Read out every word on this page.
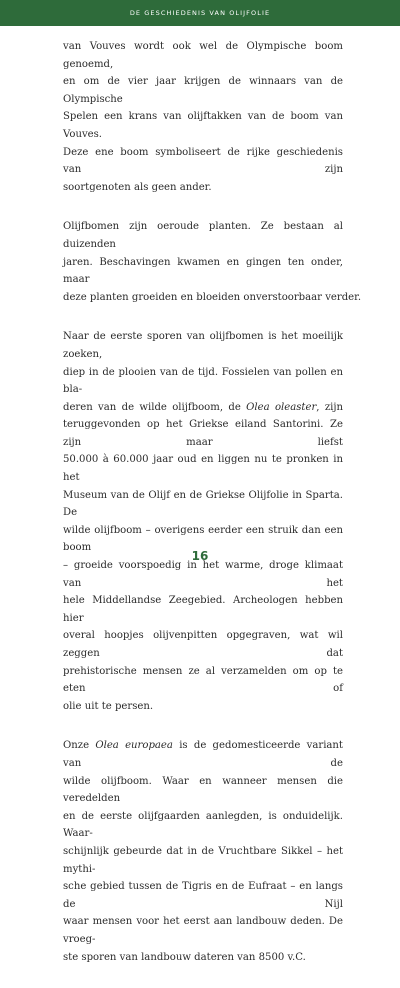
DE GESCHIEDENIS VAN OLIJFOLIE

van Vouves wordt ook wel de Olympische boom genoemd,
en om de vier jaar krijgen de winnaars van de Olympische
Spelen een krans van olijftakken van de boom van Vouves.
Deze ene boom symboliseert de rijke geschiedenis van zijn
soortgenoten als geen ander.

Olijfbomen zijn oeroude planten. Ze bestaan al duizenden
jaren. Beschavingen kwamen en gingen ten onder, maar
deze planten groeiden en bloeiden onverstoorbaar verder.

Naar de eerste sporen van olijfbomen is het moeilijk zoeken,
diep in de plooien van de tijd. Fossielen van pollen en bla-
deren van de wilde olijfboom, de Olea oleaster, zijn teruggevonden op het Griekse eiland Santorini. Ze zijn maar liefst
50.000 à 60.000 jaar oud en liggen nu te pronken in het
Museum van de Olijf en de Griekse Olijfolie in Sparta. De
wilde olijfboom – overigens eerder een struik dan een boom
– groeide voorspoedig in het warme, droge klimaat van het
hele Middellandse Zeegebied. Archeologen hebben hier
overal hoopjes olijvenpitten opgegraven, wat wil zeggen dat
prehistorische mensen ze al verzamelden om op te eten of
olie uit te persen.

Onze Olea europaea is de gedomesticeerde variant van de
wilde olijfboom. Waar en wanneer mensen die veredelden
en de eerste olijfgaarden aanlegden, is onduidelijk. Waar-
schijnlijk gebeurde dat in de Vruchtbare Sikkel – het mythi-
sche gebied tussen de Tigris en de Eufraat – en langs de Nijl
waar mensen voor het eerst aan landbouw deden. De vroeg-
ste sporen van landbouw dateren van 8500 v.C.

16
